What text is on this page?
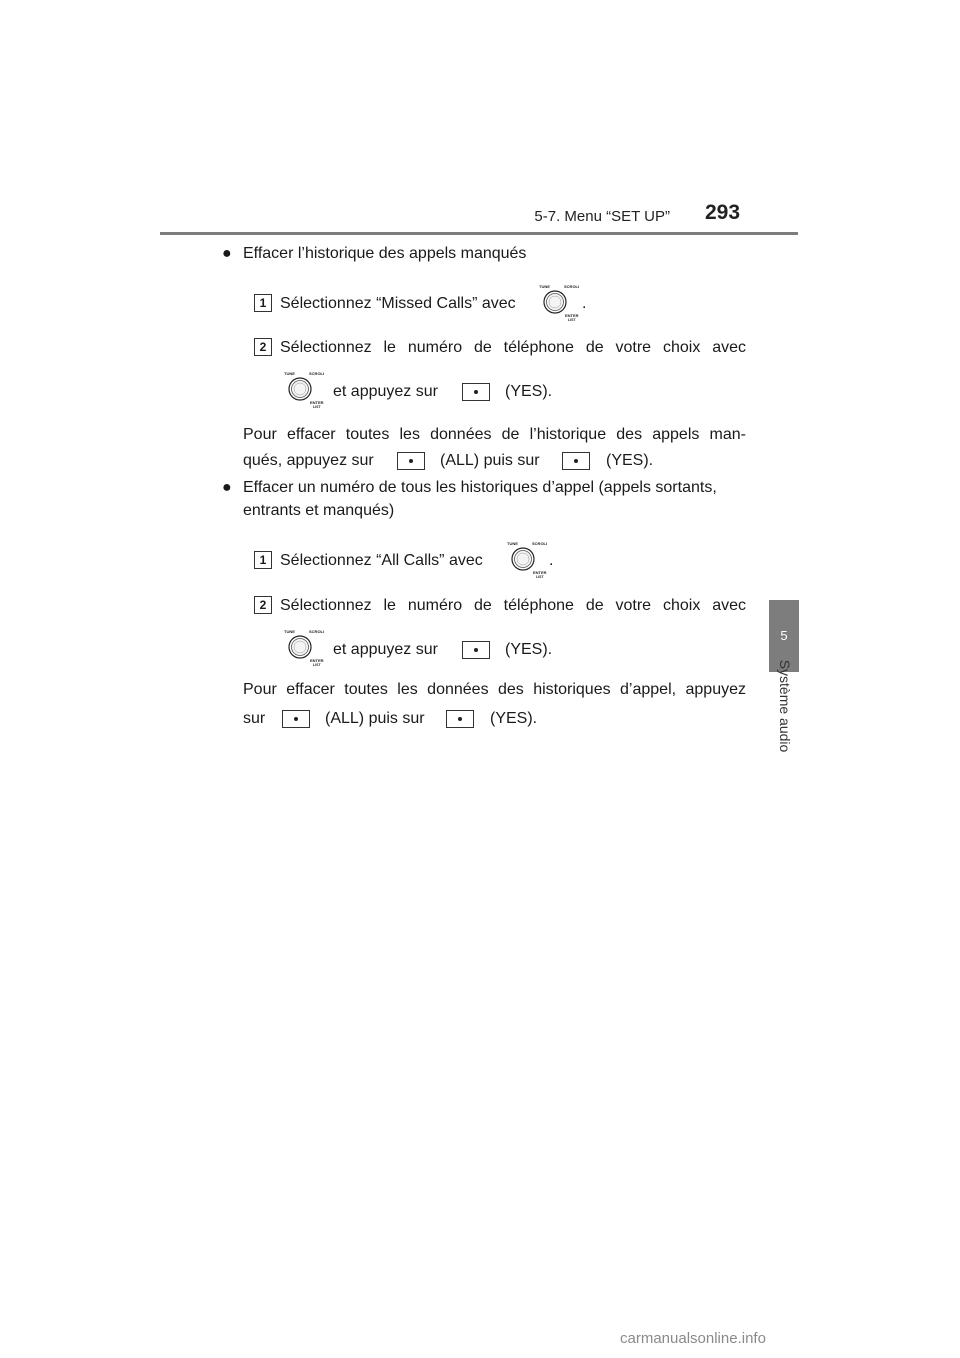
5-7. Menu “SET UP” 293
5
Système audio
● Effacer l’historique des appels manqués
1 Sélectionnez “Missed Calls” avec
TUNE	SCROLL
ENTER
LIST
.
2 Sélectionnez le numéro de téléphone de votre choix avec
TUNE	SCROLL
ENTER
LIST
et appuyez sur	(YES).
Pour effacer toutes les données de l’historique des appels man-
qués, appuyez sur	(ALL) puis sur	(YES).
● Effacer un numéro de tous les historiques d’appel (appels sortants,
entrants et manqués)
1 Sélectionnez “All Calls” avec
TUNE	SCROLL
ENTER
LIST
.
2 Sélectionnez le numéro de téléphone de votre choix avec
TUNE	SCROLL
ENTER
LIST
et appuyez sur	(YES).
Pour effacer toutes les données des historiques d’appel, appuyez
sur	(ALL) puis sur	(YES).
carmanualsonline.info
